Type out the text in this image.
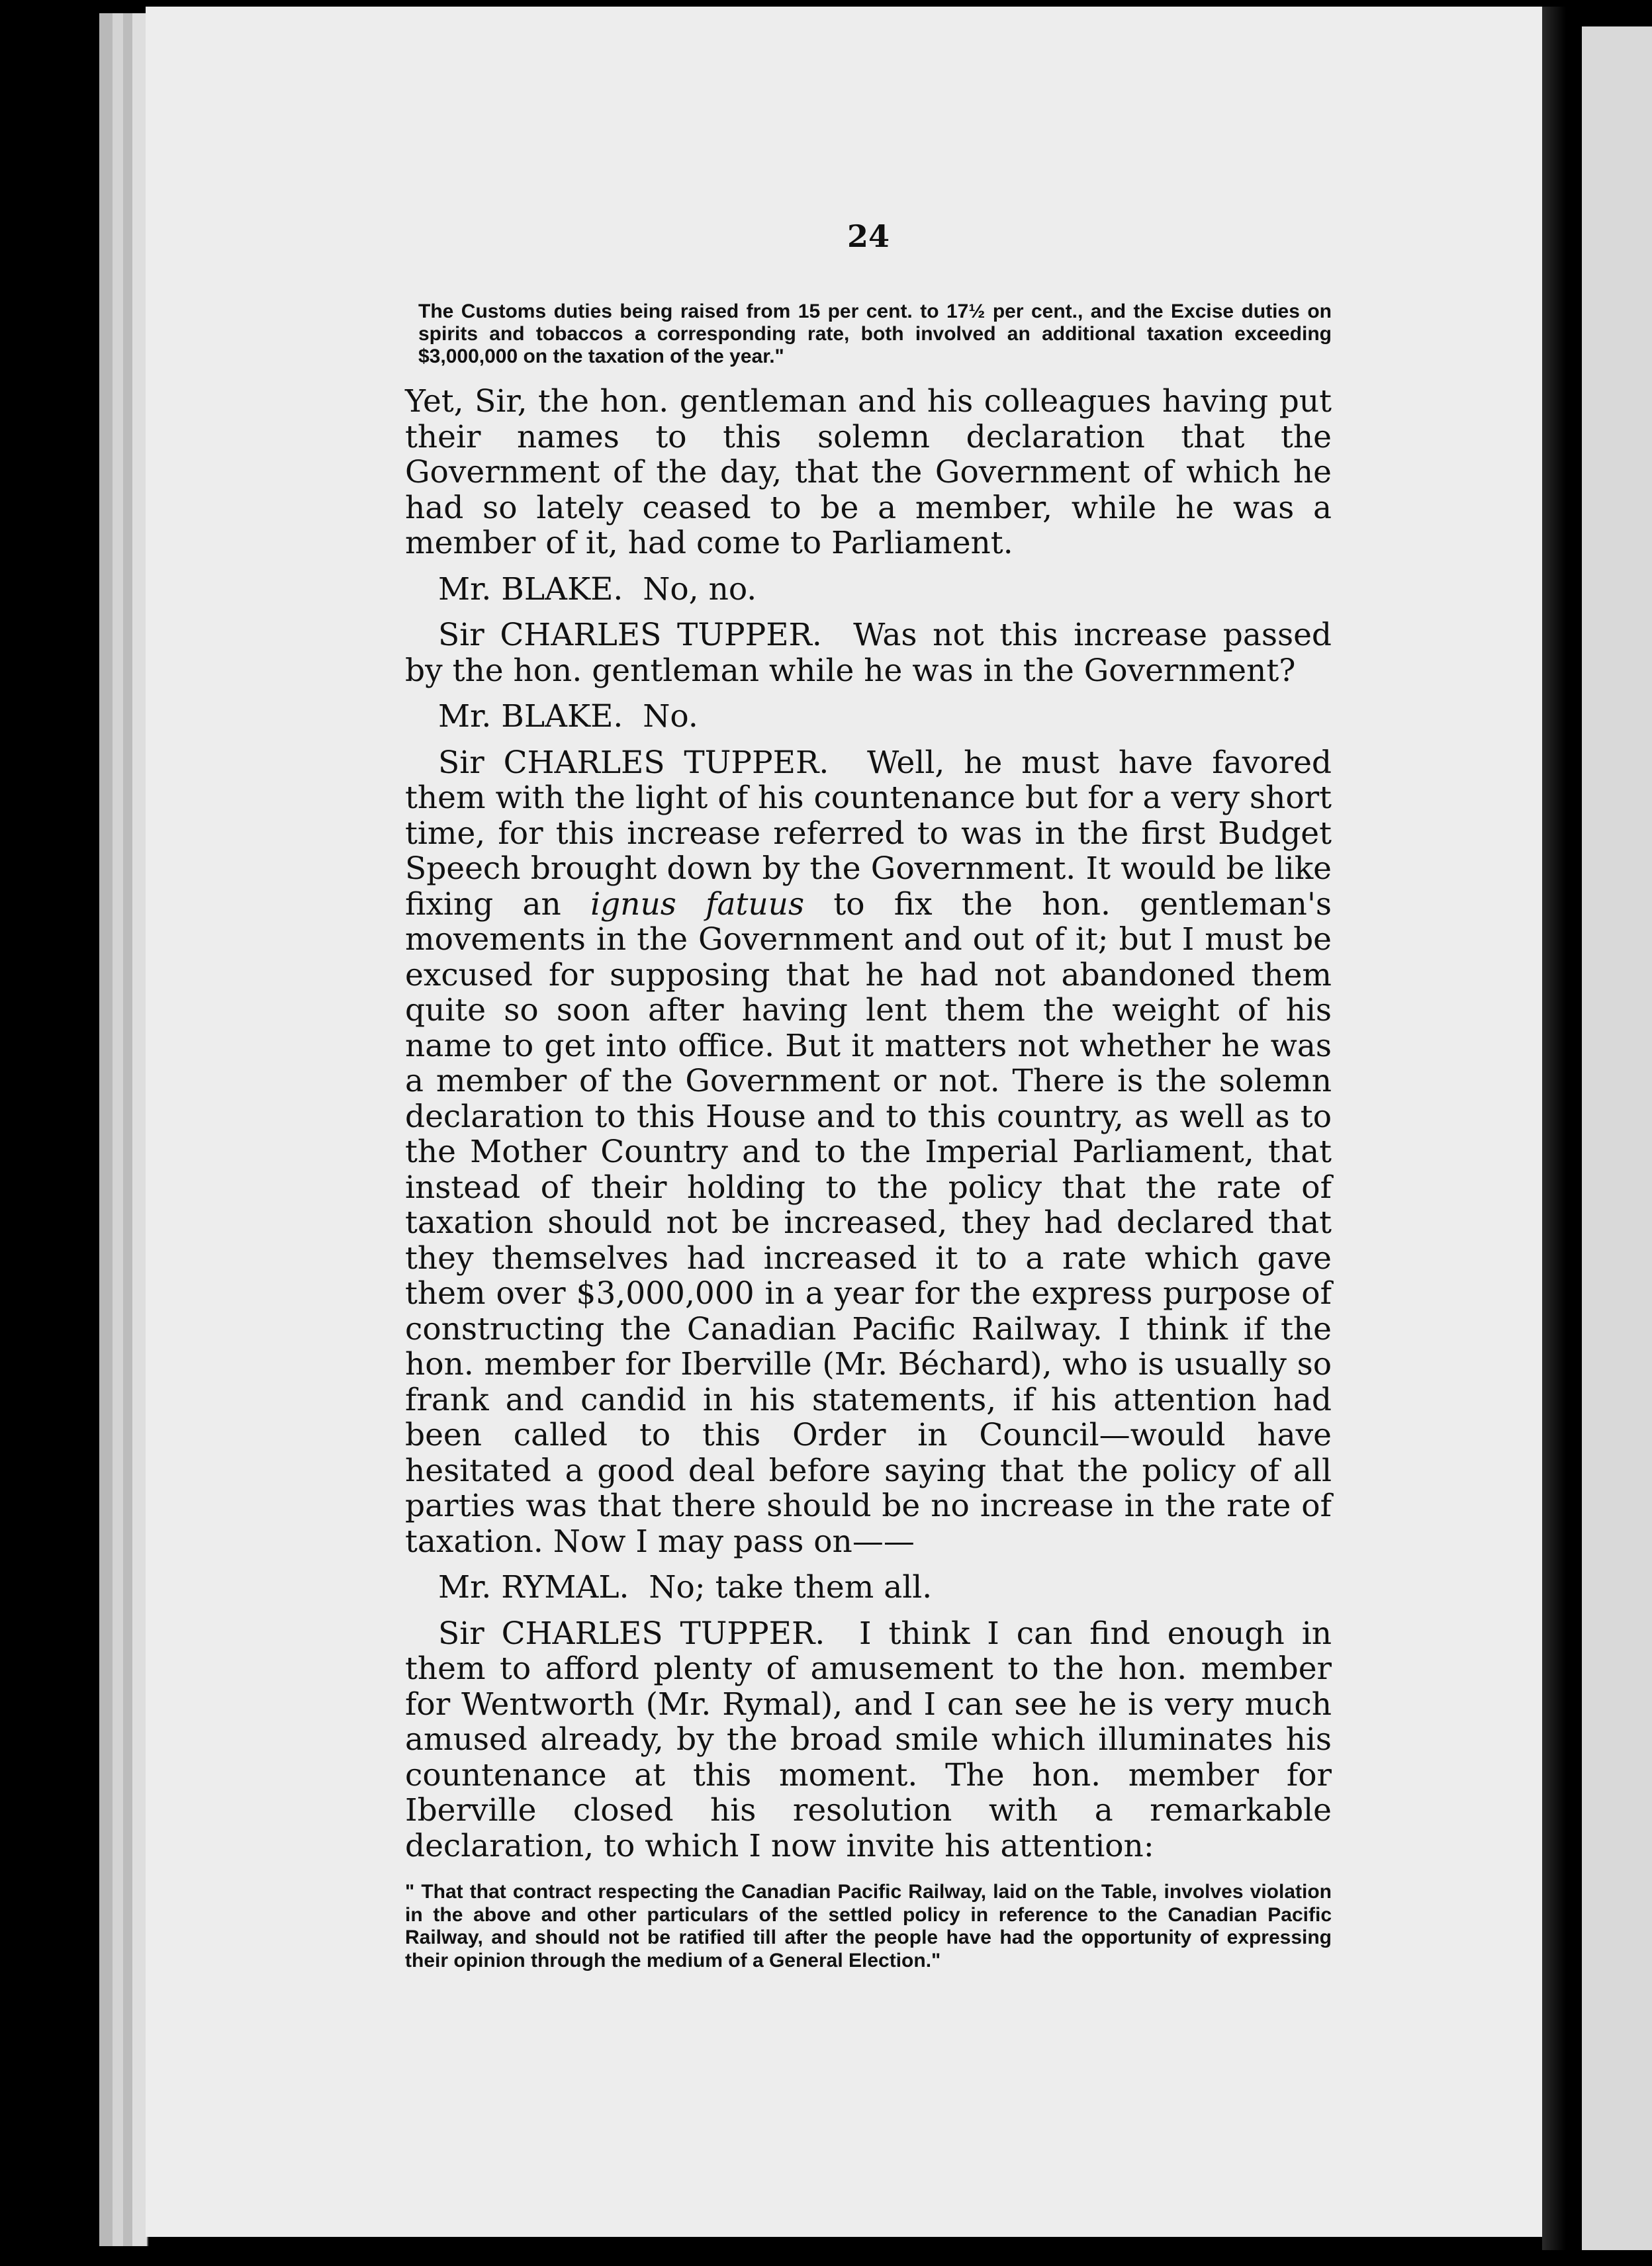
24
The Customs duties being raised from 15 per cent. to 17½ per cent., and the Excise duties on spirits and tobaccos a corresponding rate, both involved an additional taxation exceeding $3,000,000 on the taxation of the year."

Yet, Sir, the hon. gentleman and his colleagues having put their names to this solemn declaration that the Government of the day, that the Government of which he had so lately ceased to be a member, while he was a member of it, had come to Parliament.

Mr. BLAKE. No, no.

Sir CHARLES TUPPER. Was not this increase passed by the hon. gentleman while he was in the Government?

Mr. BLAKE. No.

Sir CHARLES TUPPER. Well, he must have favored them with the light of his countenance but for a very short time, for this increase referred to was in the first Budget Speech brought down by the Government. It would be like fixing an ignus fatuus to fix the hon. gentleman's movements in the Government and out of it; but I must be excused for supposing that he had not abandoned them quite so soon after having lent them the weight of his name to get into office. But it matters not whether he was a member of the Government or not. There is the solemn declaration to this House and to this country, as well as to the Mother Country and to the Imperial Parliament, that instead of their holding to the policy that the rate of taxation should not be increased, they had declared that they themselves had increased it to a rate which gave them over $3,000,000 in a year for the express purpose of constructing the Canadian Pacific Railway. I think if the hon. member for Iberville (Mr. Béchard), who is usually so frank and candid in his statements, if his attention had been called to this Order in Council—would have hesitated a good deal before saying that the policy of all parties was that there should be no increase in the rate of taxation. Now I may pass on——

Mr. RYMAL. No; take them all.

Sir CHARLES TUPPER. I think I can find enough in them to afford plenty of amusement to the hon. member for Wentworth (Mr. Rymal), and I can see he is very much amused already, by the broad smile which illuminates his countenance at this moment. The hon. member for Iberville closed his resolution with a remarkable declaration, to which I now invite his attention:

" That that contract respecting the Canadian Pacific Railway, laid on the Table, involves violation in the above and other particulars of the settled policy in reference to the Canadian Pacific Railway, and should not be ratified till after the people have had the opportunity of expressing their opinion through the medium of a General Election."
